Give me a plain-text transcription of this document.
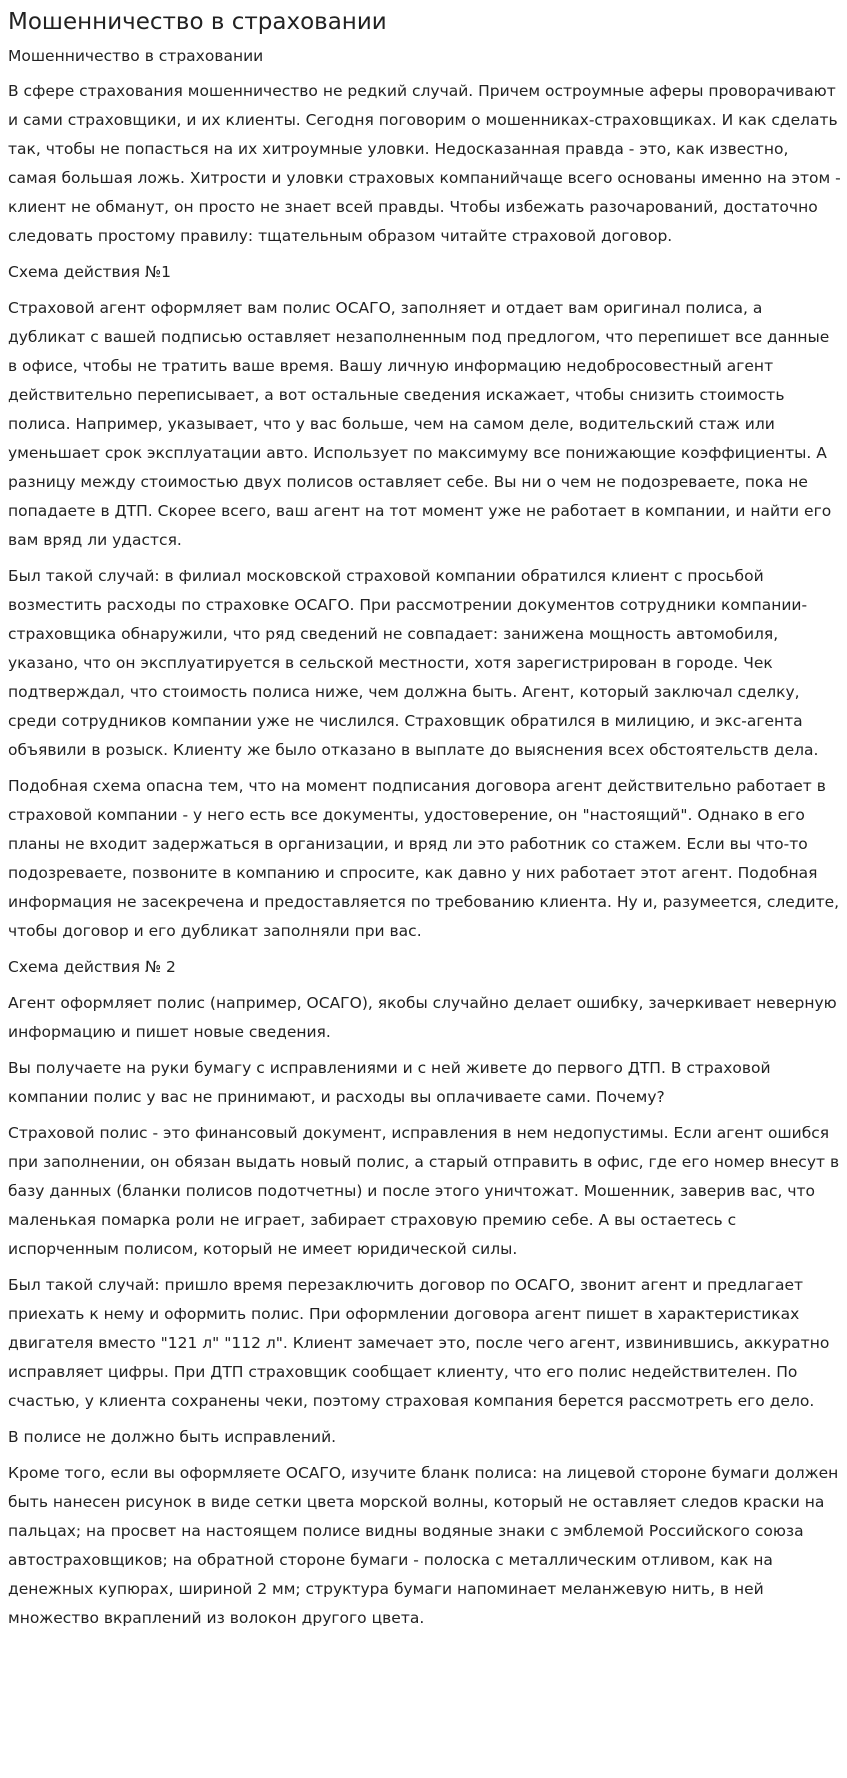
Мошенничество в страховании
Мошенничество в страховании

В сфере страхования мошенничество не редкий случай. Причем остроумные аферы проворачивают и сами страховщики, и их клиенты. Сегодня поговорим о мошенниках-страховщиках. И как сделать так, чтобы не попасться на их хитроумные уловки. Недосказанная правда - это, как известно, самая большая ложь. Хитрости и уловки страховых компанийчаще всего основаны именно на этом - клиент не обманут, он просто не знает всей правды. Чтобы избежать разочарований, достаточно следовать простому правилу: тщательным образом читайте страховой договор.

Схема действия №1

Страховой агент оформляет вам полис ОСАГО, заполняет и отдает вам оригинал полиса, а дубликат с вашей подписью оставляет незаполненным под предлогом, что перепишет все данные в офисе, чтобы не тратить ваше время. Вашу личную информацию недобросовестный агент действительно переписывает, а вот остальные сведения искажает, чтобы снизить стоимость полиса. Например, указывает, что у вас больше, чем на самом деле, водительский стаж или уменьшает срок эксплуатации авто. Использует по максимуму все понижающие коэффициенты. А разницу между стоимостью двух полисов оставляет себе. Вы ни о чем не подозреваете, пока не попадаете в ДТП. Скорее всего, ваш агент на тот момент уже не работает в компании, и найти его вам вряд ли удастся.

Был такой случай: в филиал московской страховой компании обратился клиент с просьбой возместить расходы по страховке ОСАГО. При рассмотрении документов сотрудники компании-страховщика обнаружили, что ряд сведений не совпадает: занижена мощность автомобиля, указано, что он эксплуатируется в сельской местности, хотя зарегистрирован в городе. Чек подтверждал, что стоимость полиса ниже, чем должна быть. Агент, который заключал сделку, среди сотрудников компании уже не числился. Страховщик обратился в милицию, и экс-агента объявили в розыск. Клиенту же было отказано в выплате до выяснения всех обстоятельств дела.

Подобная схема опасна тем, что на момент подписания договора агент действительно работает в страховой компании - у него есть все документы, удостоверение, он "настоящий". Однако в его планы не входит задержаться в организации, и вряд ли это работник со стажем. Если вы что-то подозреваете, позвоните в компанию и спросите, как давно у них работает этот агент. Подобная информация не засекречена и предоставляется по требованию клиента. Ну и, разумеется, следите, чтобы договор и его дубликат заполняли при вас.

Схема действия № 2

Агент оформляет полис (например, ОСАГО), якобы случайно делает ошибку, зачеркивает неверную информацию и пишет новые сведения.

Вы получаете на руки бумагу с исправлениями и с ней живете до первого ДТП. В страховой компании полис у вас не принимают, и расходы вы оплачиваете сами. Почему?

Страховой полис - это финансовый документ, исправления в нем недопустимы. Если агент ошибся при заполнении, он обязан выдать новый полис, а старый отправить в офис, где его номер внесут в базу данных (бланки полисов подотчетны) и после этого уничтожат. Мошенник, заверив вас, что маленькая помарка роли не играет, забирает страховую премию себе. А вы остаетесь с испорченным полисом, который не имеет юридической силы.

Был такой случай: пришло время перезаключить договор по ОСАГО, звонит агент и предлагает приехать к нему и оформить полис. При оформлении договора агент пишет в характеристиках двигателя вместо "121 л" "112 л". Клиент замечает это, после чего агент, извинившись, аккуратно исправляет цифры. При ДТП страховщик сообщает клиенту, что его полис недействителен. По счастью, у клиента сохранены чеки, поэтому страховая компания берется рассмотреть его дело.

В полисе не должно быть исправлений.

Кроме того, если вы оформляете ОСАГО, изучите бланк полиса: на лицевой стороне бумаги должен быть нанесен рисунок в виде сетки цвета морской волны, который не оставляет следов краски на пальцах; на просвет на настоящем полисе видны водяные знаки с эмблемой Российского союза автостраховщиков; на обратной стороне бумаги - полоска с металлическим отливом, как на денежных купюрах, шириной 2 мм; структура бумаги напоминает меланжевую нить, в ней множество вкраплений из волокон другого цвета.
